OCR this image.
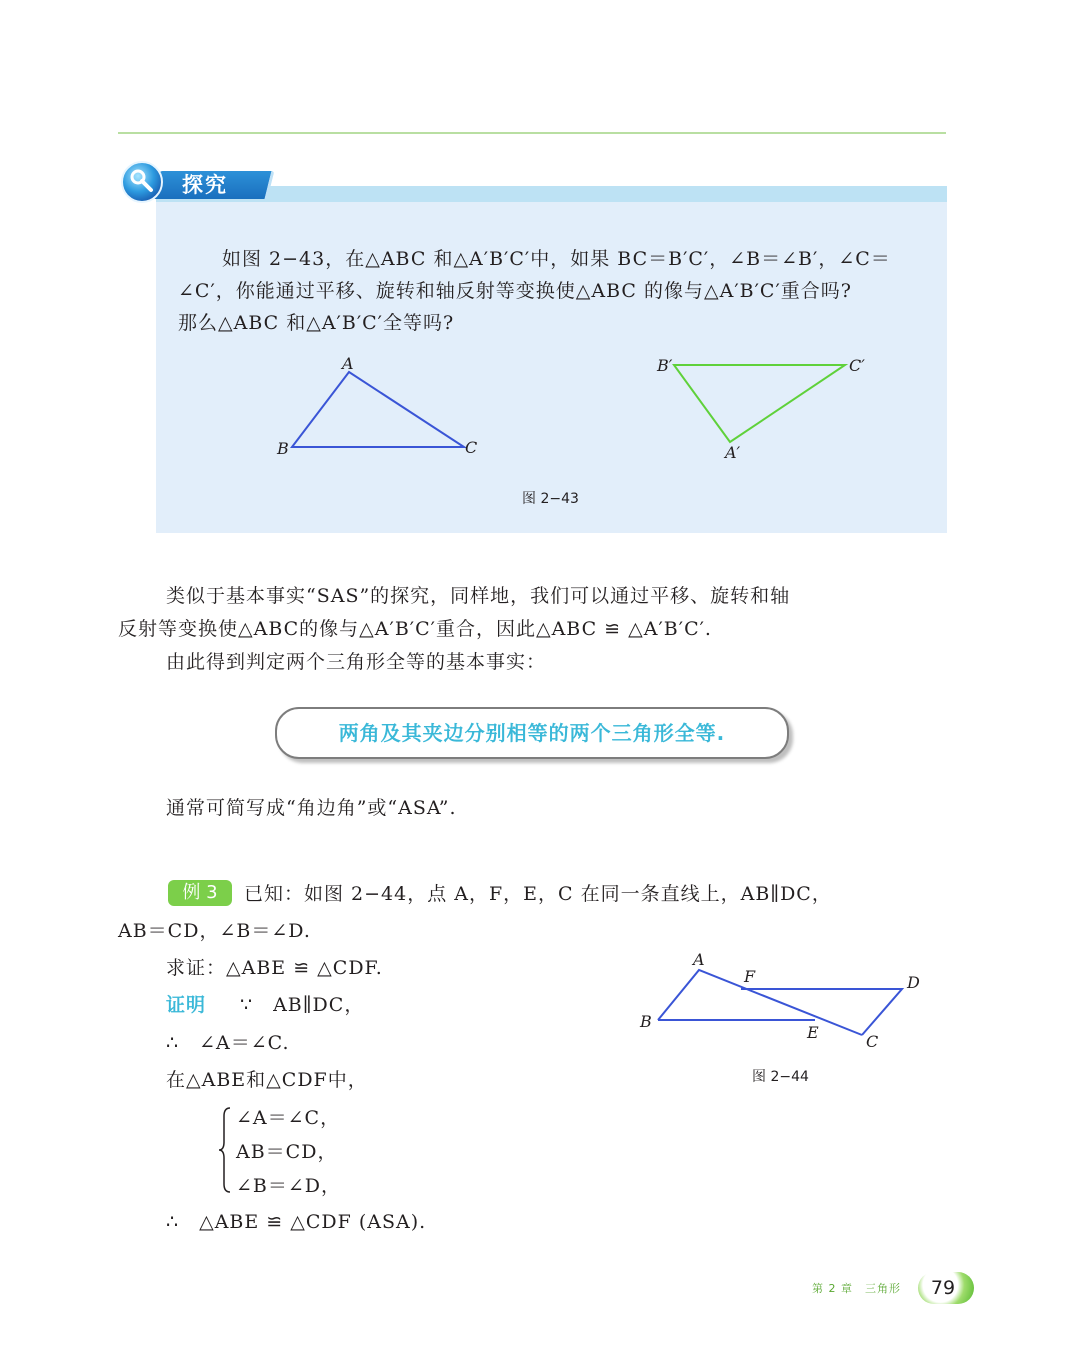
探究
如图 2−43，在△ABC 和△A′B′C′中，如果 BC＝B′C′，∠B＝∠B′，∠C＝
∠C′，你能通过平移、旋转和轴反射等变换使△ABC 的像与△A′B′C′重合吗?
那么△ABC 和△A′B′C′全等吗?
A
B	C
B′	C′
A′
图 2−43
类似于基本事实“SAS”的探究，同样地，我们可以通过平移、旋转和轴
反射等变换使△ABC的像与△A′B′C′重合，因此△ABC ≌ △A′B′C′.
由此得到判定两个三角形全等的基本事实：
两角及其夹边分别相等的两个三角形全等.
通常可简写成“角边角”或“ASA”.
例 3	已知：如图 2−44，点 A，F，E，C 在同一条直线上，AB∥DC，
AB＝CD，∠B＝∠D.
求证：△ABE ≌ △CDF.
证明 ∵　AB∥DC，
∴　∠A＝∠C.
在△ABE和△CDF中，
∠A＝∠C，
AB＝CD，
∠B＝∠D，
∴　△ABE ≌ △CDF (ASA).
A
F	D
B
E	C
图 2−44
第 2 章　三角形	79
